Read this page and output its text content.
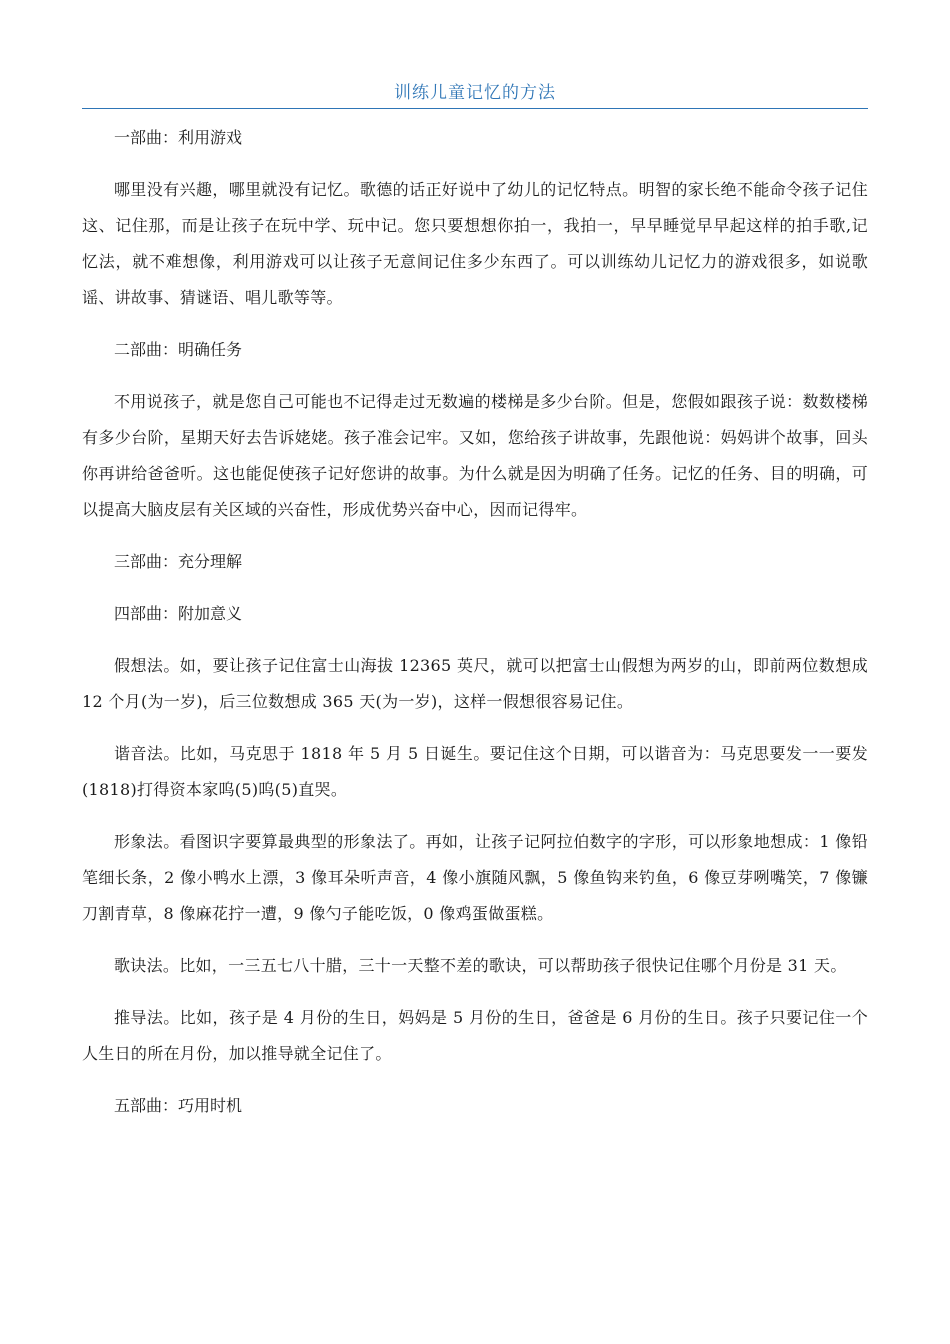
训练儿童记忆的方法

一部曲：利用游戏

哪里没有兴趣，哪里就没有记忆。歌德的话正好说中了幼儿的记忆特点。明智的家长绝不能命令孩子记住这、记住那，而是让孩子在玩中学、玩中记。您只要想想你拍一，我拍一，早早睡觉早早起这样的拍手歌,记忆法，就不难想像，利用游戏可以让孩子无意间记住多少东西了。可以训练幼儿记忆力的游戏很多，如说歌谣、讲故事、猜谜语、唱儿歌等等。

二部曲：明确任务

不用说孩子，就是您自己可能也不记得走过无数遍的楼梯是多少台阶。但是，您假如跟孩子说：数数楼梯有多少台阶，星期天好去告诉姥姥。孩子准会记牢。又如，您给孩子讲故事，先跟他说：妈妈讲个故事，回头你再讲给爸爸听。这也能促使孩子记好您讲的故事。为什么就是因为明确了任务。记忆的任务、目的明确，可以提高大脑皮层有关区域的兴奋性，形成优势兴奋中心，因而记得牢。

三部曲：充分理解

四部曲：附加意义

假想法。如，要让孩子记住富士山海拔 12365 英尺，就可以把富士山假想为两岁的山，即前两位数想成 12 个月(为一岁)，后三位数想成 365 天(为一岁)，这样一假想很容易记住。

谐音法。比如，马克思于 1818 年 5 月 5 日诞生。要记住这个日期，可以谐音为：马克思要发一一要发(1818)打得资本家呜(5)呜(5)直哭。

形象法。看图识字要算最典型的形象法了。再如，让孩子记阿拉伯数字的字形，可以形象地想成：1 像铅笔细长条，2 像小鸭水上漂，3 像耳朵听声音，4 像小旗随风飘，5 像鱼钩来钓鱼，6 像豆芽咧嘴笑，7 像镰刀割青草，8 像麻花拧一遭，9 像勺子能吃饭，0 像鸡蛋做蛋糕。

歌诀法。比如，一三五七八十腊，三十一天整不差的歌诀，可以帮助孩子很快记住哪个月份是 31 天。

推导法。比如，孩子是 4 月份的生日，妈妈是 5 月份的生日，爸爸是 6 月份的生日。孩子只要记住一个人生日的所在月份，加以推导就全记住了。

五部曲：巧用时机
